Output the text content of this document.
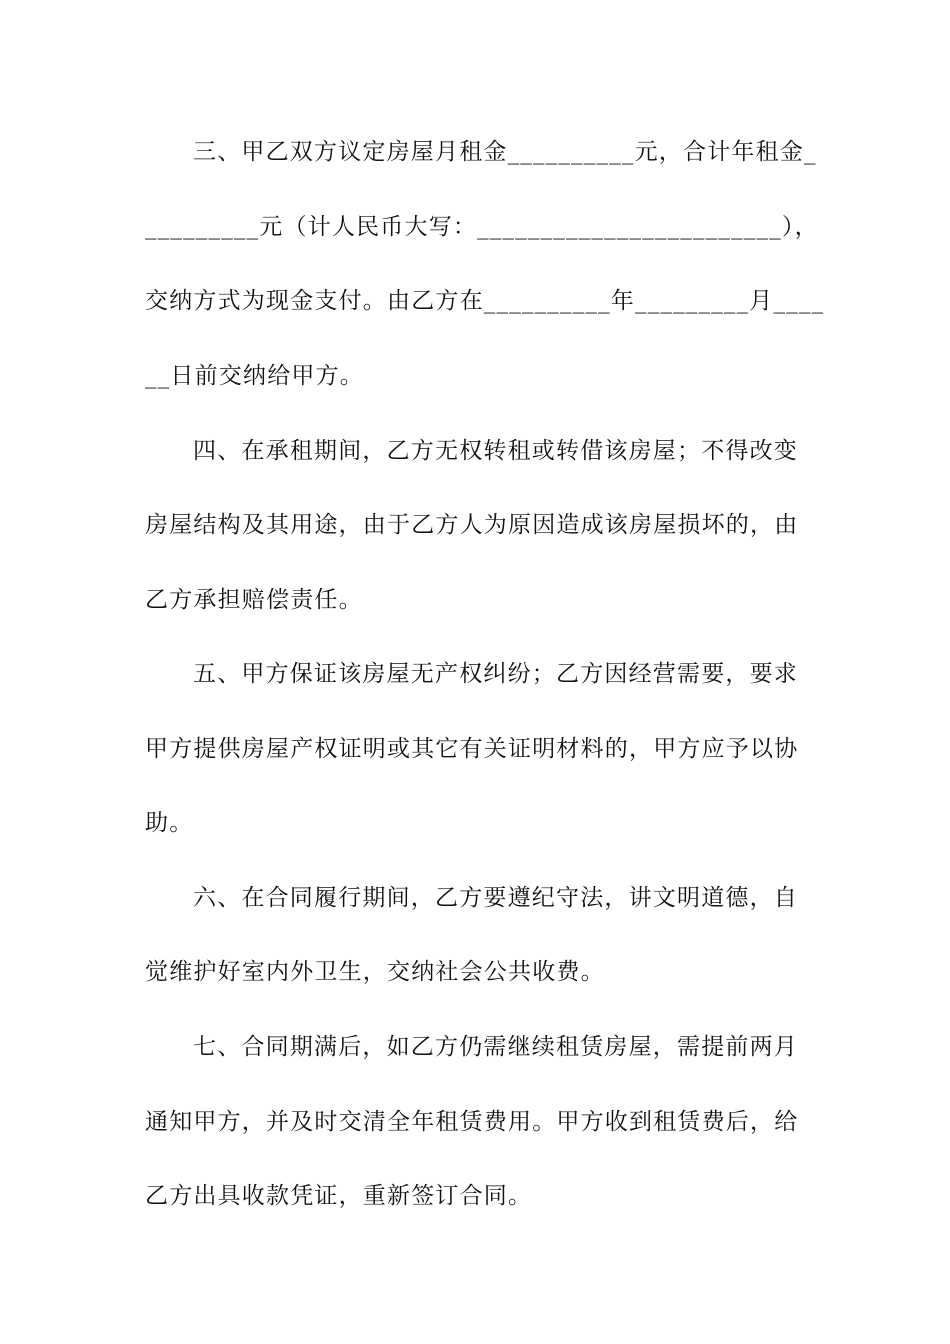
三、甲乙双方议定房屋月租金__________元，合计年租金_
_________元（计人民币大写：________________________），
交纳方式为现金支付。由乙方在__________年_________月____
__日前交纳给甲方。
四、在承租期间，乙方无权转租或转借该房屋；不得改变
房屋结构及其用途，由于乙方人为原因造成该房屋损坏的，由
乙方承担赔偿责任。
五、甲方保证该房屋无产权纠纷；乙方因经营需要，要求
甲方提供房屋产权证明或其它有关证明材料的，甲方应予以协
助。
六、在合同履行期间，乙方要遵纪守法，讲文明道德，自
觉维护好室内外卫生，交纳社会公共收费。
七、合同期满后，如乙方仍需继续租赁房屋，需提前两月
通知甲方，并及时交清全年租赁费用。甲方收到租赁费后，给
乙方出具收款凭证，重新签订合同。
